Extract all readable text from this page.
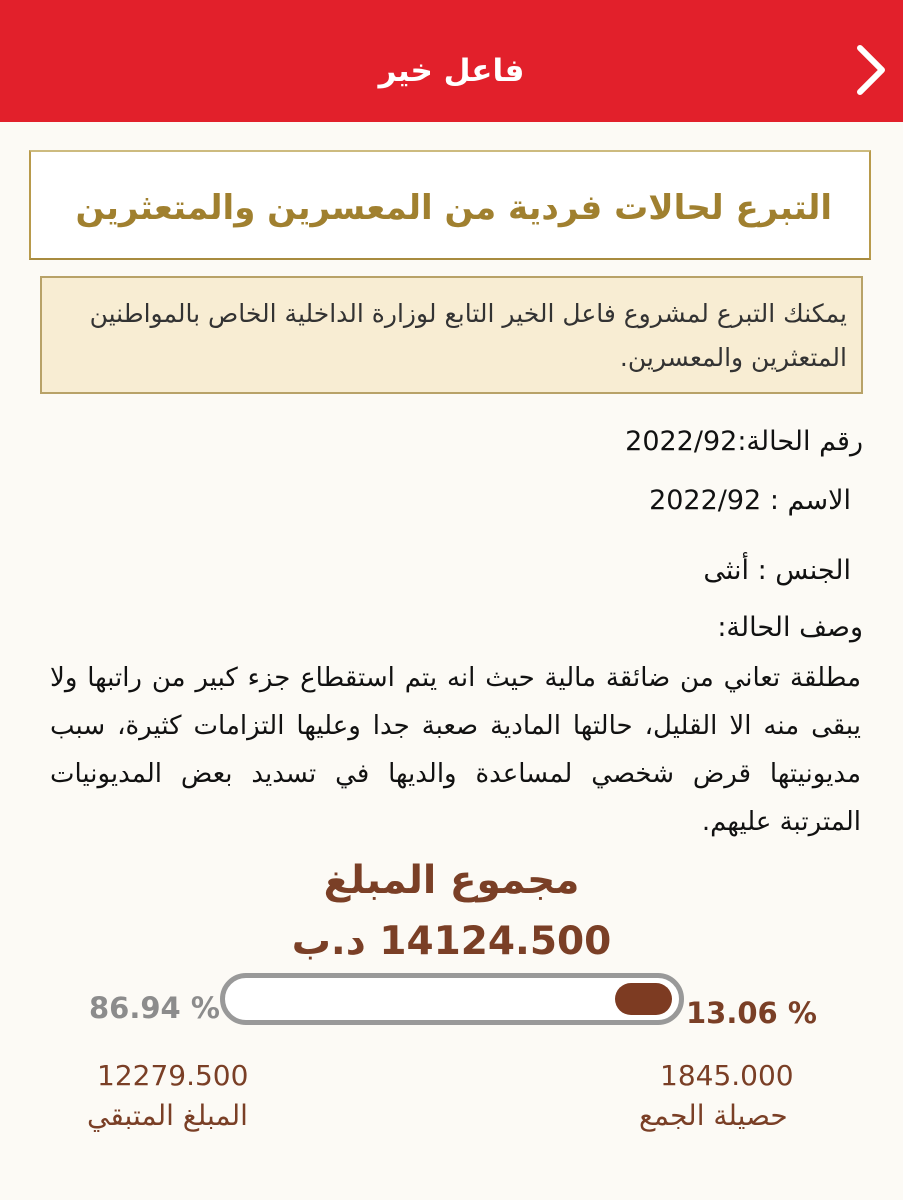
فاعل خير
التبرع لحالات فردية من المعسرين والمتعثرين
يمكنك التبرع لمشروع فاعل الخير التابع لوزارة الداخلية الخاص بالمواطنين المتعثرين والمعسرين.
رقم الحالة:2022/92
الاسم : 2022/92
الجنس : أنثى
وصف الحالة:
مطلقة تعاني من ضائقة مالية حيث انه يتم استقطاع جزء كبير من راتبها ولا يبقى منه الا القليل، حالتها المادية صعبة جدا وعليها التزامات كثيرة، سبب مديونيتها قرض شخصي لمساعدة والديها في تسديد بعض المديونيات المترتبة عليهم.
مجموع المبلغ
14124.500 د.ب
86.94 %	13.06 %
12279.500
المبلغ المتبقي
1845.000
حصيلة الجمع
